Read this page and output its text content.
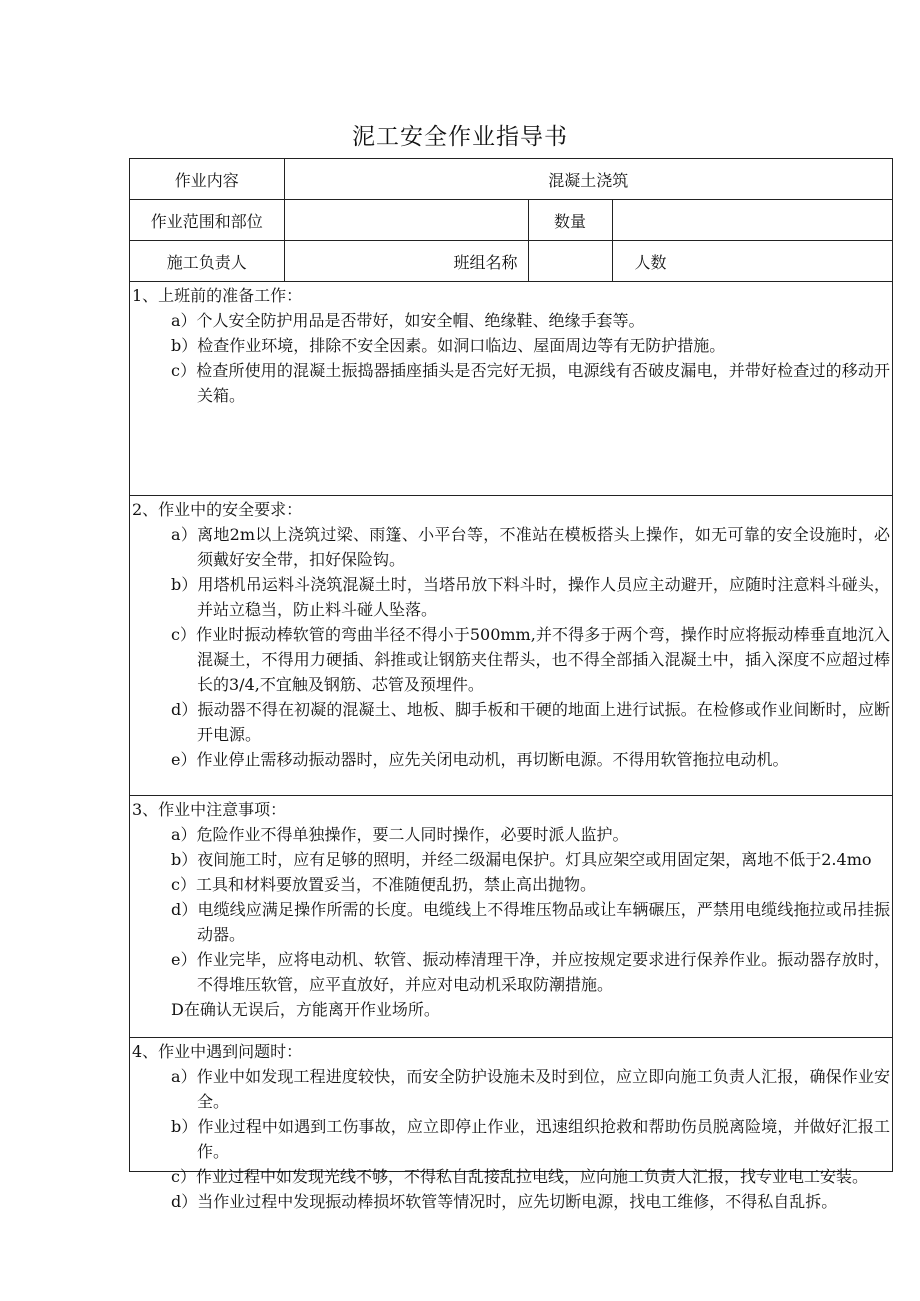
泥工安全作业指导书
作业内容	混凝土浇筑		
作业范围和部位		数量	
施工负责人	班组名称		人数
1、上班前的准备工作：
a）个人安全防护用品是否带好，如安全帽、绝缘鞋、绝缘手套等。
b）检查作业环境，排除不安全因素。如洞口临边、屋面周边等有无防护措施。
c）检查所使用的混凝土振捣器插座插头是否完好无损，电源线有否破皮漏电，并带好检查过的移动开关箱。
2、作业中的安全要求：
a）离地2m以上浇筑过梁、雨篷、小平台等，不准站在模板搭头上操作，如无可靠的安全设施时，必须戴好安全带，扣好保险钩。
b）用塔机吊运料斗浇筑混凝土时，当塔吊放下料斗时，操作人员应主动避开，应随时注意料斗碰头，并站立稳当，防止料斗碰人坠落。
c）作业时振动棒软管的弯曲半径不得小于500mm,并不得多于两个弯，操作时应将振动棒垂直地沉入混凝土，不得用力硬插、斜推或让钢筋夹住帮头，也不得全部插入混凝土中，插入深度不应超过棒长的3/4,不宜触及钢筋、芯管及预埋件。
d）振动器不得在初凝的混凝土、地板、脚手板和干硬的地面上进行试振。在检修或作业间断时，应断开电源。
e）作业停止需移动振动器时，应先关闭电动机，再切断电源。不得用软管拖拉电动机。
3、作业中注意事项：
a）危险作业不得单独操作，要二人同时操作，必要时派人监护。
b）夜间施工时，应有足够的照明，并经二级漏电保护。灯具应架空或用固定架，离地不低于2.4mo
c）工具和材料要放置妥当，不准随便乱扔，禁止高出抛物。
d）电缆线应满足操作所需的长度。电缆线上不得堆压物品或让车辆碾压，严禁用电缆线拖拉或吊挂振动器。
e）作业完毕，应将电动机、软管、振动棒清理干净，并应按规定要求进行保养作业。振动器存放时，不得堆压软管，应平直放好，并应对电动机采取防潮措施。
D在确认无误后，方能离开作业场所。
4、作业中遇到问题时：
a）作业中如发现工程进度较快，而安全防护设施未及时到位，应立即向施工负责人汇报，确保作业安全。
b）作业过程中如遇到工伤事故，应立即停止作业，迅速组织抢救和帮助伤员脱离险境，并做好汇报工作。
c）作业过程中如发现光线不够，不得私自乱接乱拉电线，应向施工负责人汇报，找专业电工安装。
d）当作业过程中发现振动棒损坏软管等情况时，应先切断电源，找电工维修，不得私自乱拆。
